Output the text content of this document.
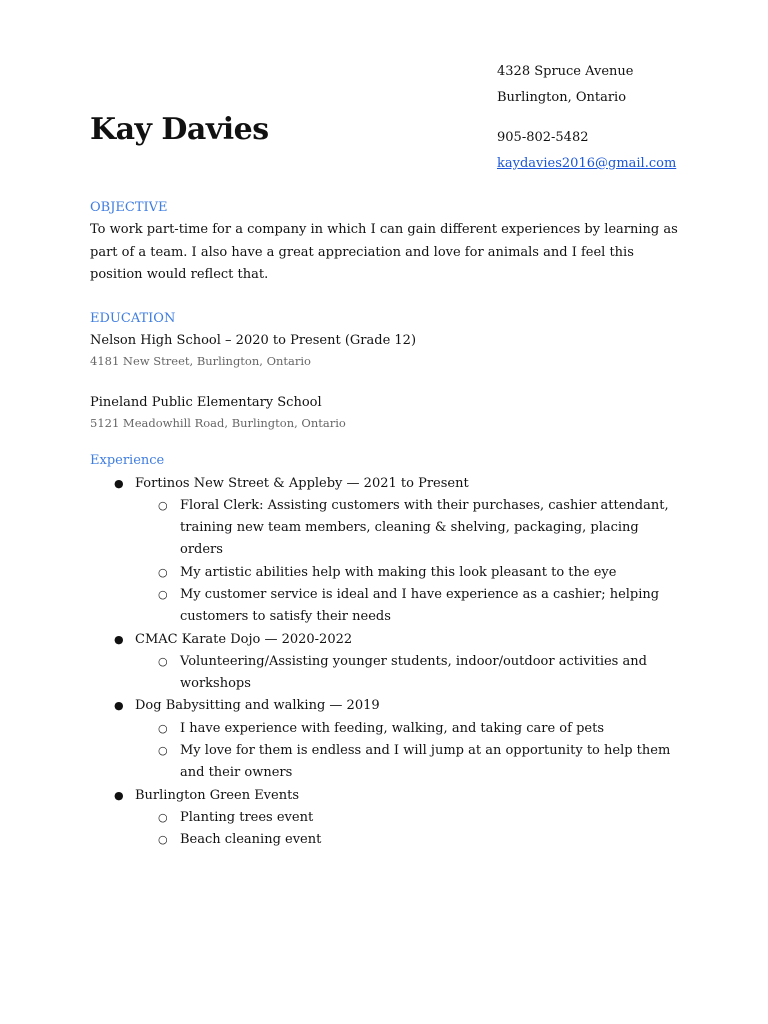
4328 Spruce Avenue
Burlington, Ontario
905-802-5482
kaydavies2016@gmail.com
Kay Davies

OBJECTIVE

To work part-time for a company in which I can gain different experiences by learning as part of a team. I also have a great appreciation and love for animals and I feel this position would reflect that.

EDUCATION

Nelson High School – 2020 to Present (Grade 12)

4181 New Street, Burlington, Ontario

Pineland Public Elementary School

5121 Meadowhill Road, Burlington, Ontario

Experience

● Fortinos New Street & Appleby — 2021 to Present
○ Floral Clerk: Assisting customers with their purchases, cashier attendant, training new team members, cleaning & shelving, packaging, placing orders
○ My artistic abilities help with making this look pleasant to the eye
○ My customer service is ideal and I have experience as a cashier; helping customers to satisfy their needs
● CMAC Karate Dojo — 2020-2022
○ Volunteering/Assisting younger students, indoor/outdoor activities and workshops
● Dog Babysitting and walking — 2019
○ I have experience with feeding, walking, and taking care of pets
○ My love for them is endless and I will jump at an opportunity to help them and their owners
● Burlington Green Events
○ Planting trees event
○ Beach cleaning event
